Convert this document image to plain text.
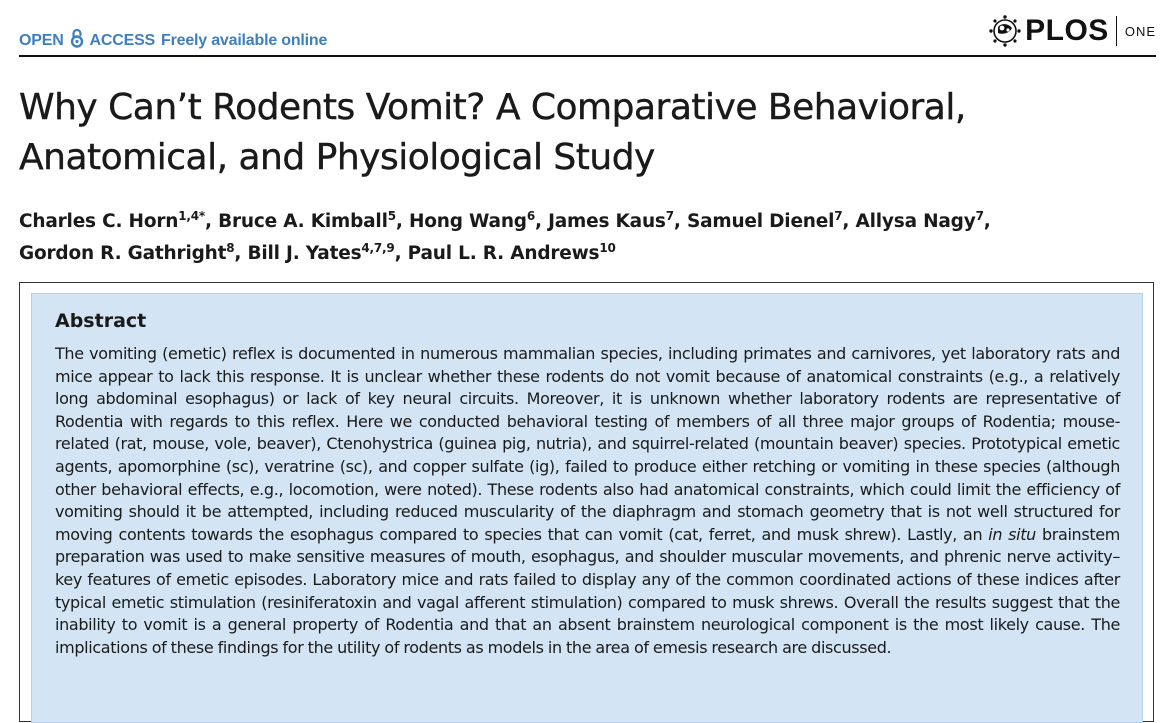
OPEN ACCESS Freely available online	PLOS ONE
Why Can’t Rodents Vomit? A Comparative Behavioral, Anatomical, and Physiological Study

Charles C. Horn$^{1,4*}$, Bruce A. Kimball$^5$, Hong Wang$^6$, James Kaus$^7$, Samuel Dienel$^7$, Allysa Nagy$^7$,
Gordon R. Gathright$^8$, Bill J. Yates$^{4,7,9}$, Paul L. R. Andrews$^{10}$

Abstract

The vomiting (emetic) reflex is documented in numerous mammalian species, including primates and carnivores, yet laboratory rats and mice appear to lack this response. It is unclear whether these rodents do not vomit because of anatomical constraints (e.g., a relatively long abdominal esophagus) or lack of key neural circuits. Moreover, it is unknown whether laboratory rodents are representative of Rodentia with regards to this reflex. Here we conducted behavioral testing of members of all three major groups of Rodentia; mouse-related (rat, mouse, vole, beaver), Ctenohystrica (guinea pig, nutria), and squirrel-related (mountain beaver) species. Prototypical emetic agents, apomorphine (sc), veratrine (sc), and copper sulfate (ig), failed to produce either retching or vomiting in these species (although other behavioral effects, e.g., locomotion, were noted). These rodents also had anatomical constraints, which could limit the efficiency of vomiting should it be attempted, including reduced muscularity of the diaphragm and stomach geometry that is not well structured for moving contents towards the esophagus compared to species that can vomit (cat, ferret, and musk shrew). Lastly, an in situ brainstem preparation was used to make sensitive measures of mouth, esophagus, and shoulder muscular movements, and phrenic nerve activity–key features of emetic episodes. Laboratory mice and rats failed to display any of the common coordinated actions of these indices after typical emetic stimulation (resiniferatoxin and vagal afferent stimulation) compared to musk shrews. Overall the results suggest that the inability to vomit is a general property of Rodentia and that an absent brainstem neurological component is the most likely cause. The implications of these findings for the utility of rodents as models in the area of emesis research are discussed.
